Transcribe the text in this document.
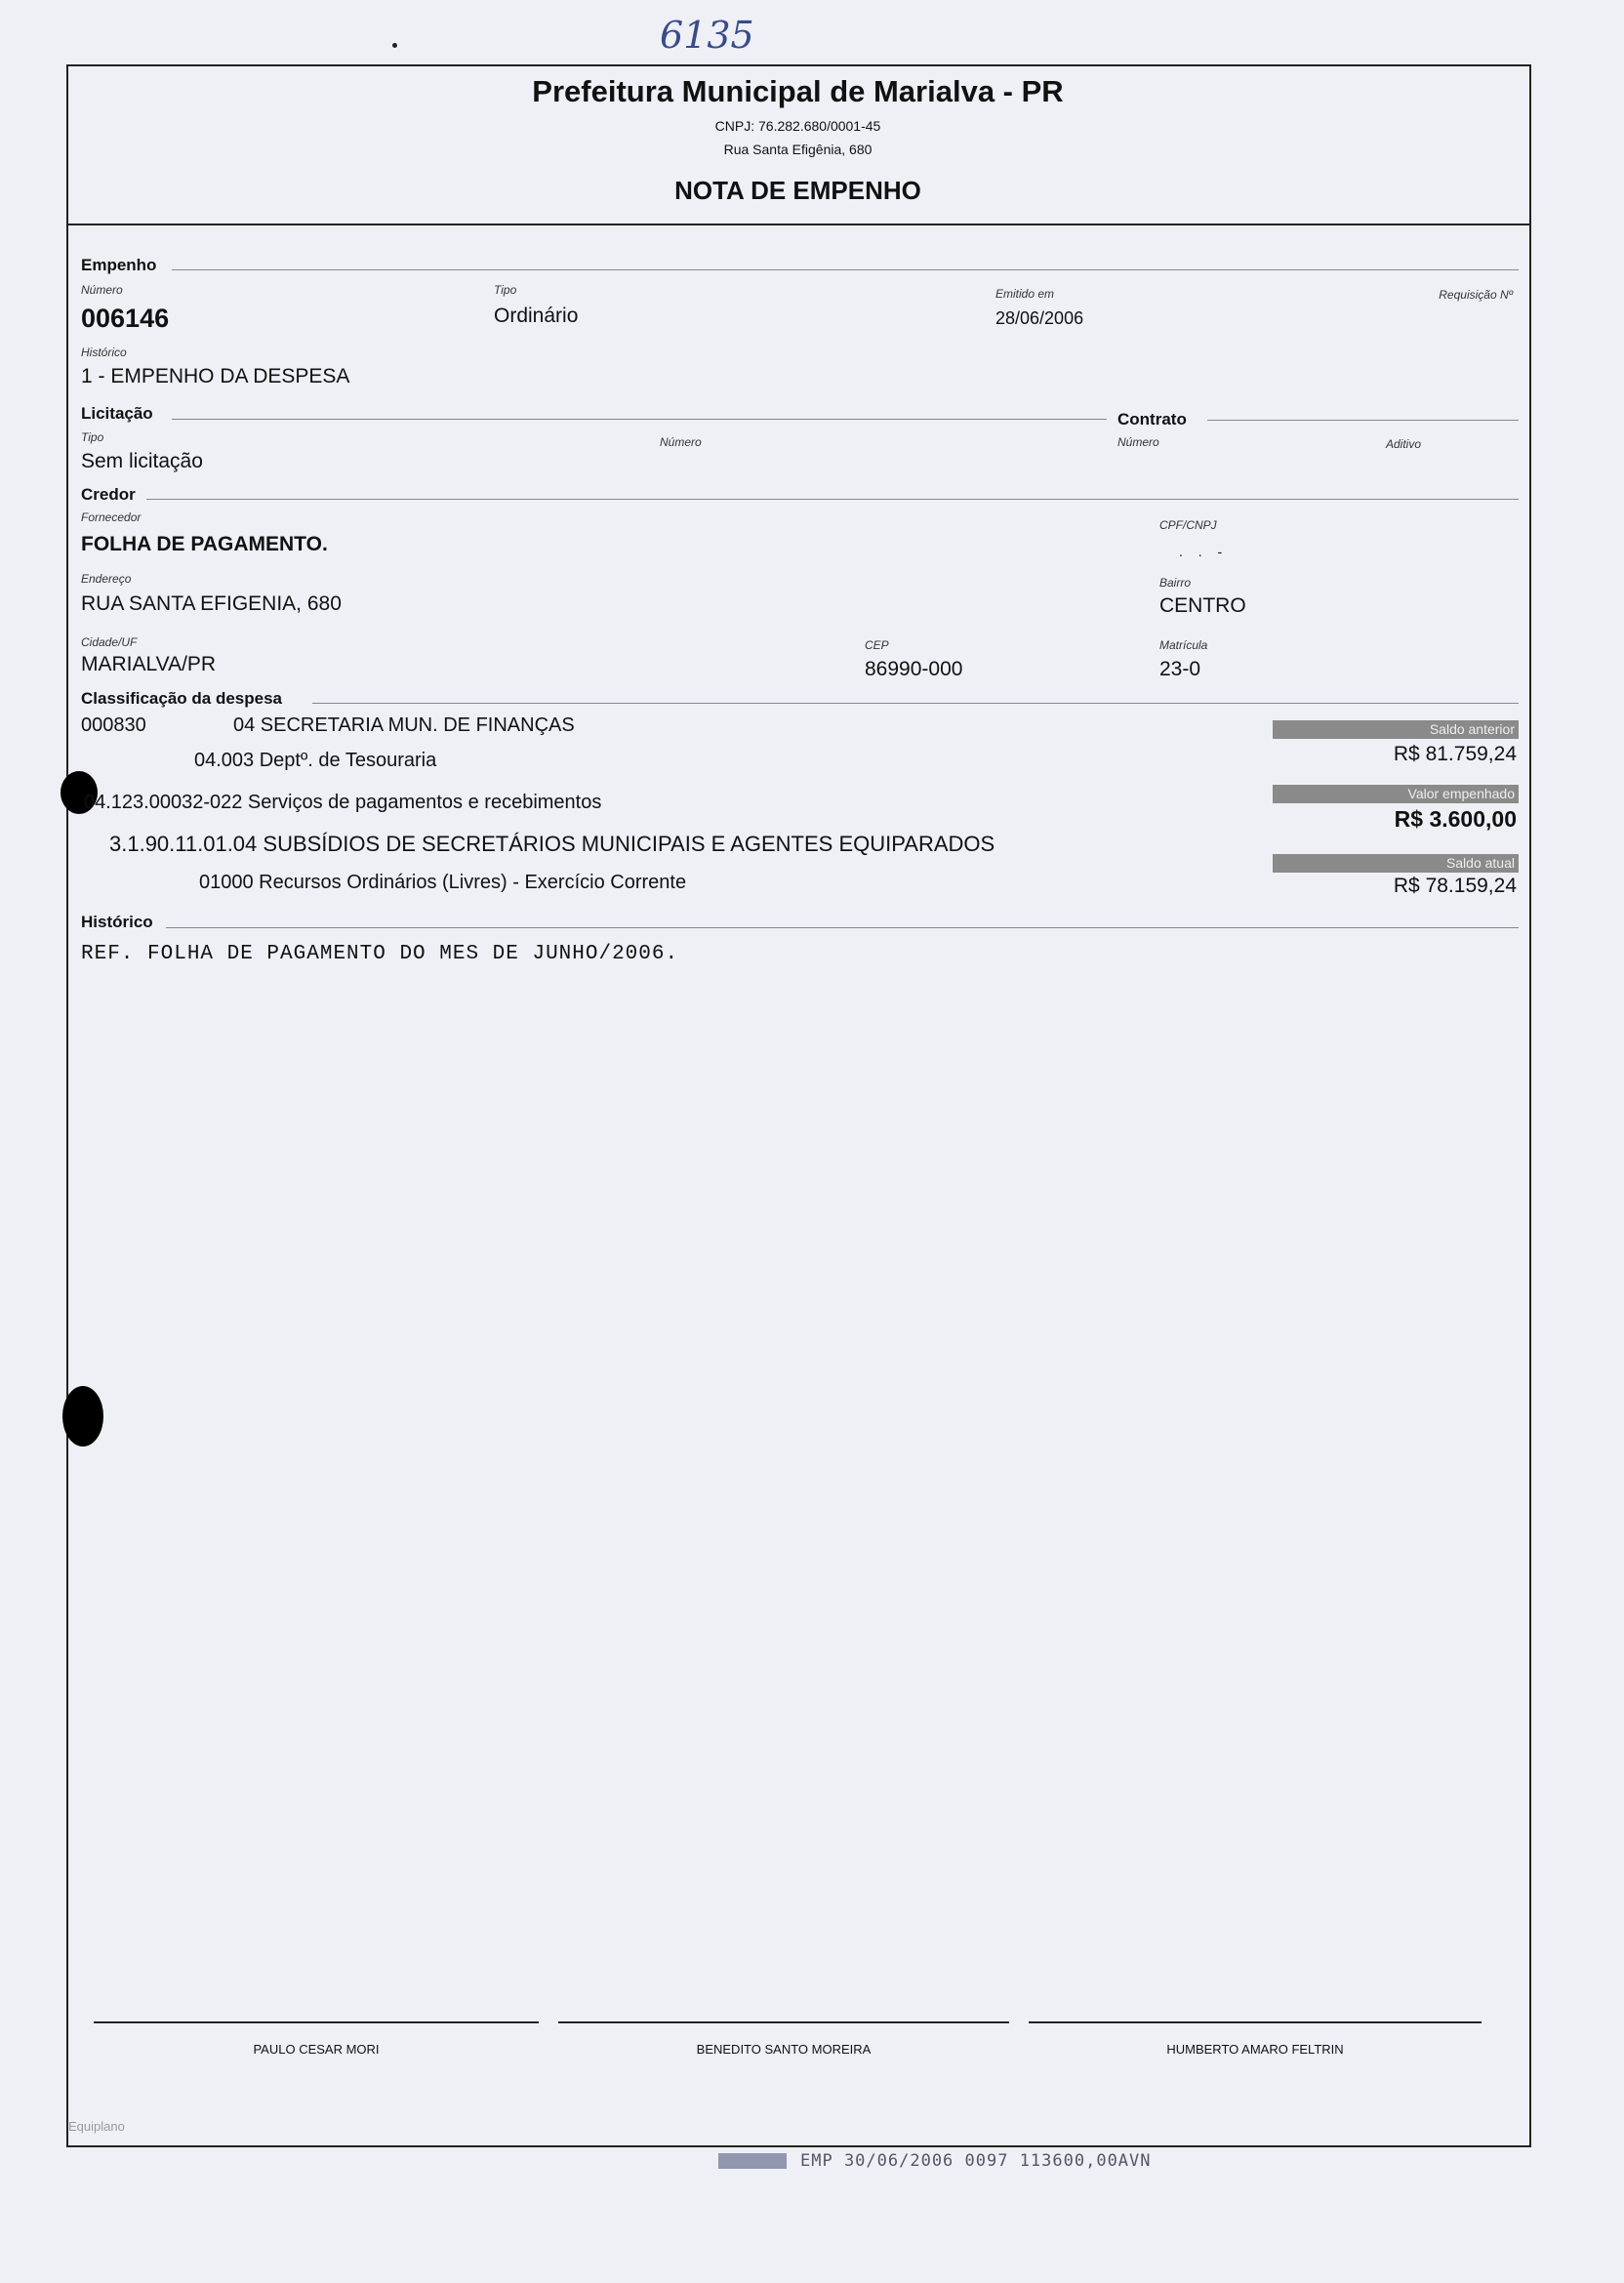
6135
Prefeitura Municipal de Marialva - PR
CNPJ: 76.282.680/0001-45
Rua Santa Efigênia, 680
NOTA DE EMPENHO
Empenho
Número
006146
Tipo
Ordinário
Emitido em
28/06/2006
Requisição Nº
Histórico
1 - EMPENHO DA DESPESA
Licitação
Tipo
Sem licitação
Número
Contrato
Número	Aditivo
Credor
Fornecedor
FOLHA DE PAGAMENTO.
CPF/CNPJ
. . -
Endereço
RUA SANTA EFIGENIA, 680
Bairro
CENTRO
Cidade/UF
MARIALVA/PR
CEP
86990-000
Matrícula
23-0
Classificação da despesa
000830	04 SECRETARIA MUN. DE FINANÇAS
04.003 Deptº. de Tesouraria
04.123.00032-022 Serviços de pagamentos e recebimentos
3.1.90.11.01.04 SUBSÍDIOS DE SECRETÁRIOS MUNICIPAIS E AGENTES EQUIPARADOS
01000 Recursos Ordinários (Livres) - Exercício Corrente
Saldo anterior
R$ 81.759,24
Valor empenhado
R$ 3.600,00
Saldo atual
R$ 78.159,24
Histórico
REF. FOLHA DE PAGAMENTO DO MES DE JUNHO/2006.
PAULO CESAR MORI	BENEDITO SANTO MOREIRA	HUMBERTO AMARO FELTRIN
Equiplano
EMP 30/06/2006 0097 113600,00AVN
